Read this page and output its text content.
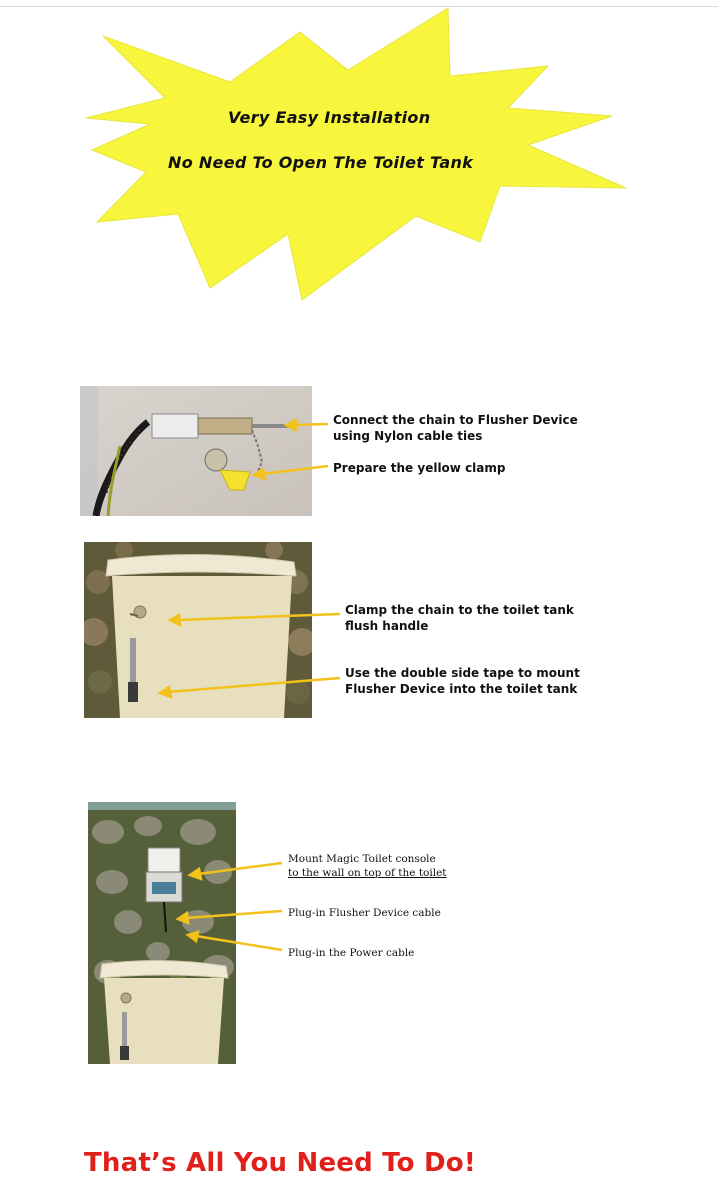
Very Easy Installation
No Need To Open The Toilet Tank
Connect the chain to Flusher Device
using Nylon cable ties
Prepare the yellow clamp
Clamp the chain to the toilet tank
flush handle
Use the double side tape to mount
Flusher Device into the toilet tank
Mount Magic Toilet console
to the wall on top of the toilet
Plug-in Flusher Device cable
Plug-in the Power cable
That’s All You Need To Do!
